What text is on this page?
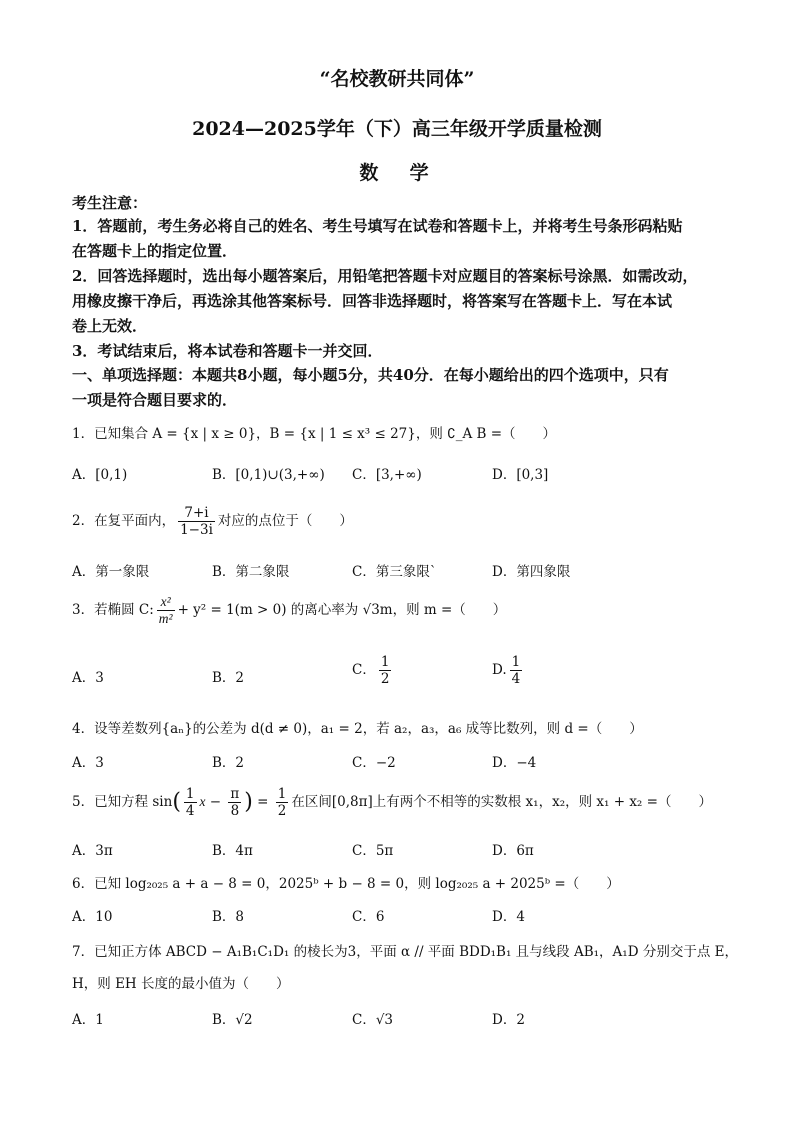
“名校教研共同体”
2024—2025学年（下）高三年级开学质量检测
数  学
考生注意：
1．答题前，考生务必将自己的姓名、考生号填写在试卷和答题卡上，并将考生号条形码粘贴
在答题卡上的指定位置．
2．回答选择题时，选出每小题答案后，用铅笔把答题卡对应题目的答案标号涂黑．如需改动，
用橡皮擦干净后，再选涂其他答案标号．回答非选择题时，将答案写在答题卡上．写在本试
卷上无效．
3．考试结束后，将本试卷和答题卡一并交回．
一、单项选择题：本题共8小题，每小题5分，共40分．在每小题给出的四个选项中，只有
一项是符合题目要求的．
1．已知集合 A = {x | x ≥ 0}，B = {x | 1 ≤ x³ ≤ 27}，则 ∁_A B =（　　）
A．[0,1)	B．[0,1)∪(3,+∞) C．[3,+∞)	D．[0,3]
2．在复平面内， $\frac{7+i}{1-3i}$ 对应的点位于（　　）
A．第一象限	B．第二象限	C．第三象限`	D．第四象限
3．若椭圆 C: $\frac{\text{x²}}{\text{m²}} + y^2 = 1(m > 0)$ 的离心率为 √3m，则 m =（　　）
A．3	B．2	C． $\frac{1}{2}$	D. $\frac{1}{4}$
4．设等差数列{aₙ}的公差为 d(d ≠ 0)，a₁ = 2，若 a₂，a₃，a₆ 成等比数列，则 d =（　　）
A．3	B．2	C．−2	D．−4
5．已知方程 $\sin( \frac{1}{4}$ $x - \frac{\pi}{8}$ ) = $\frac{1}{2}$ 在区间[0,8π]上有两个不相等的实数根 x₁，x₂，则 x₁ + x₂ =（　　）
A．3π	B．4π	C．5π	D．6π
6．已知 log₂₀₂₅ a + a − 8 = 0，2025ᵇ + b − 8 = 0，则 log₂₀₂₅ a + 2025ᵇ =（　　）
A．10	B．8	C．6	D．4
7．已知正方体 ABCD − A₁B₁C₁D₁ 的棱长为3，平面 α // 平面 BDD₁B₁ 且与线段 AB₁，A₁D 分别交于点 E，
H，则 EH 长度的最小值为（　　）
A．1	B．√2	C．√3	D．2
